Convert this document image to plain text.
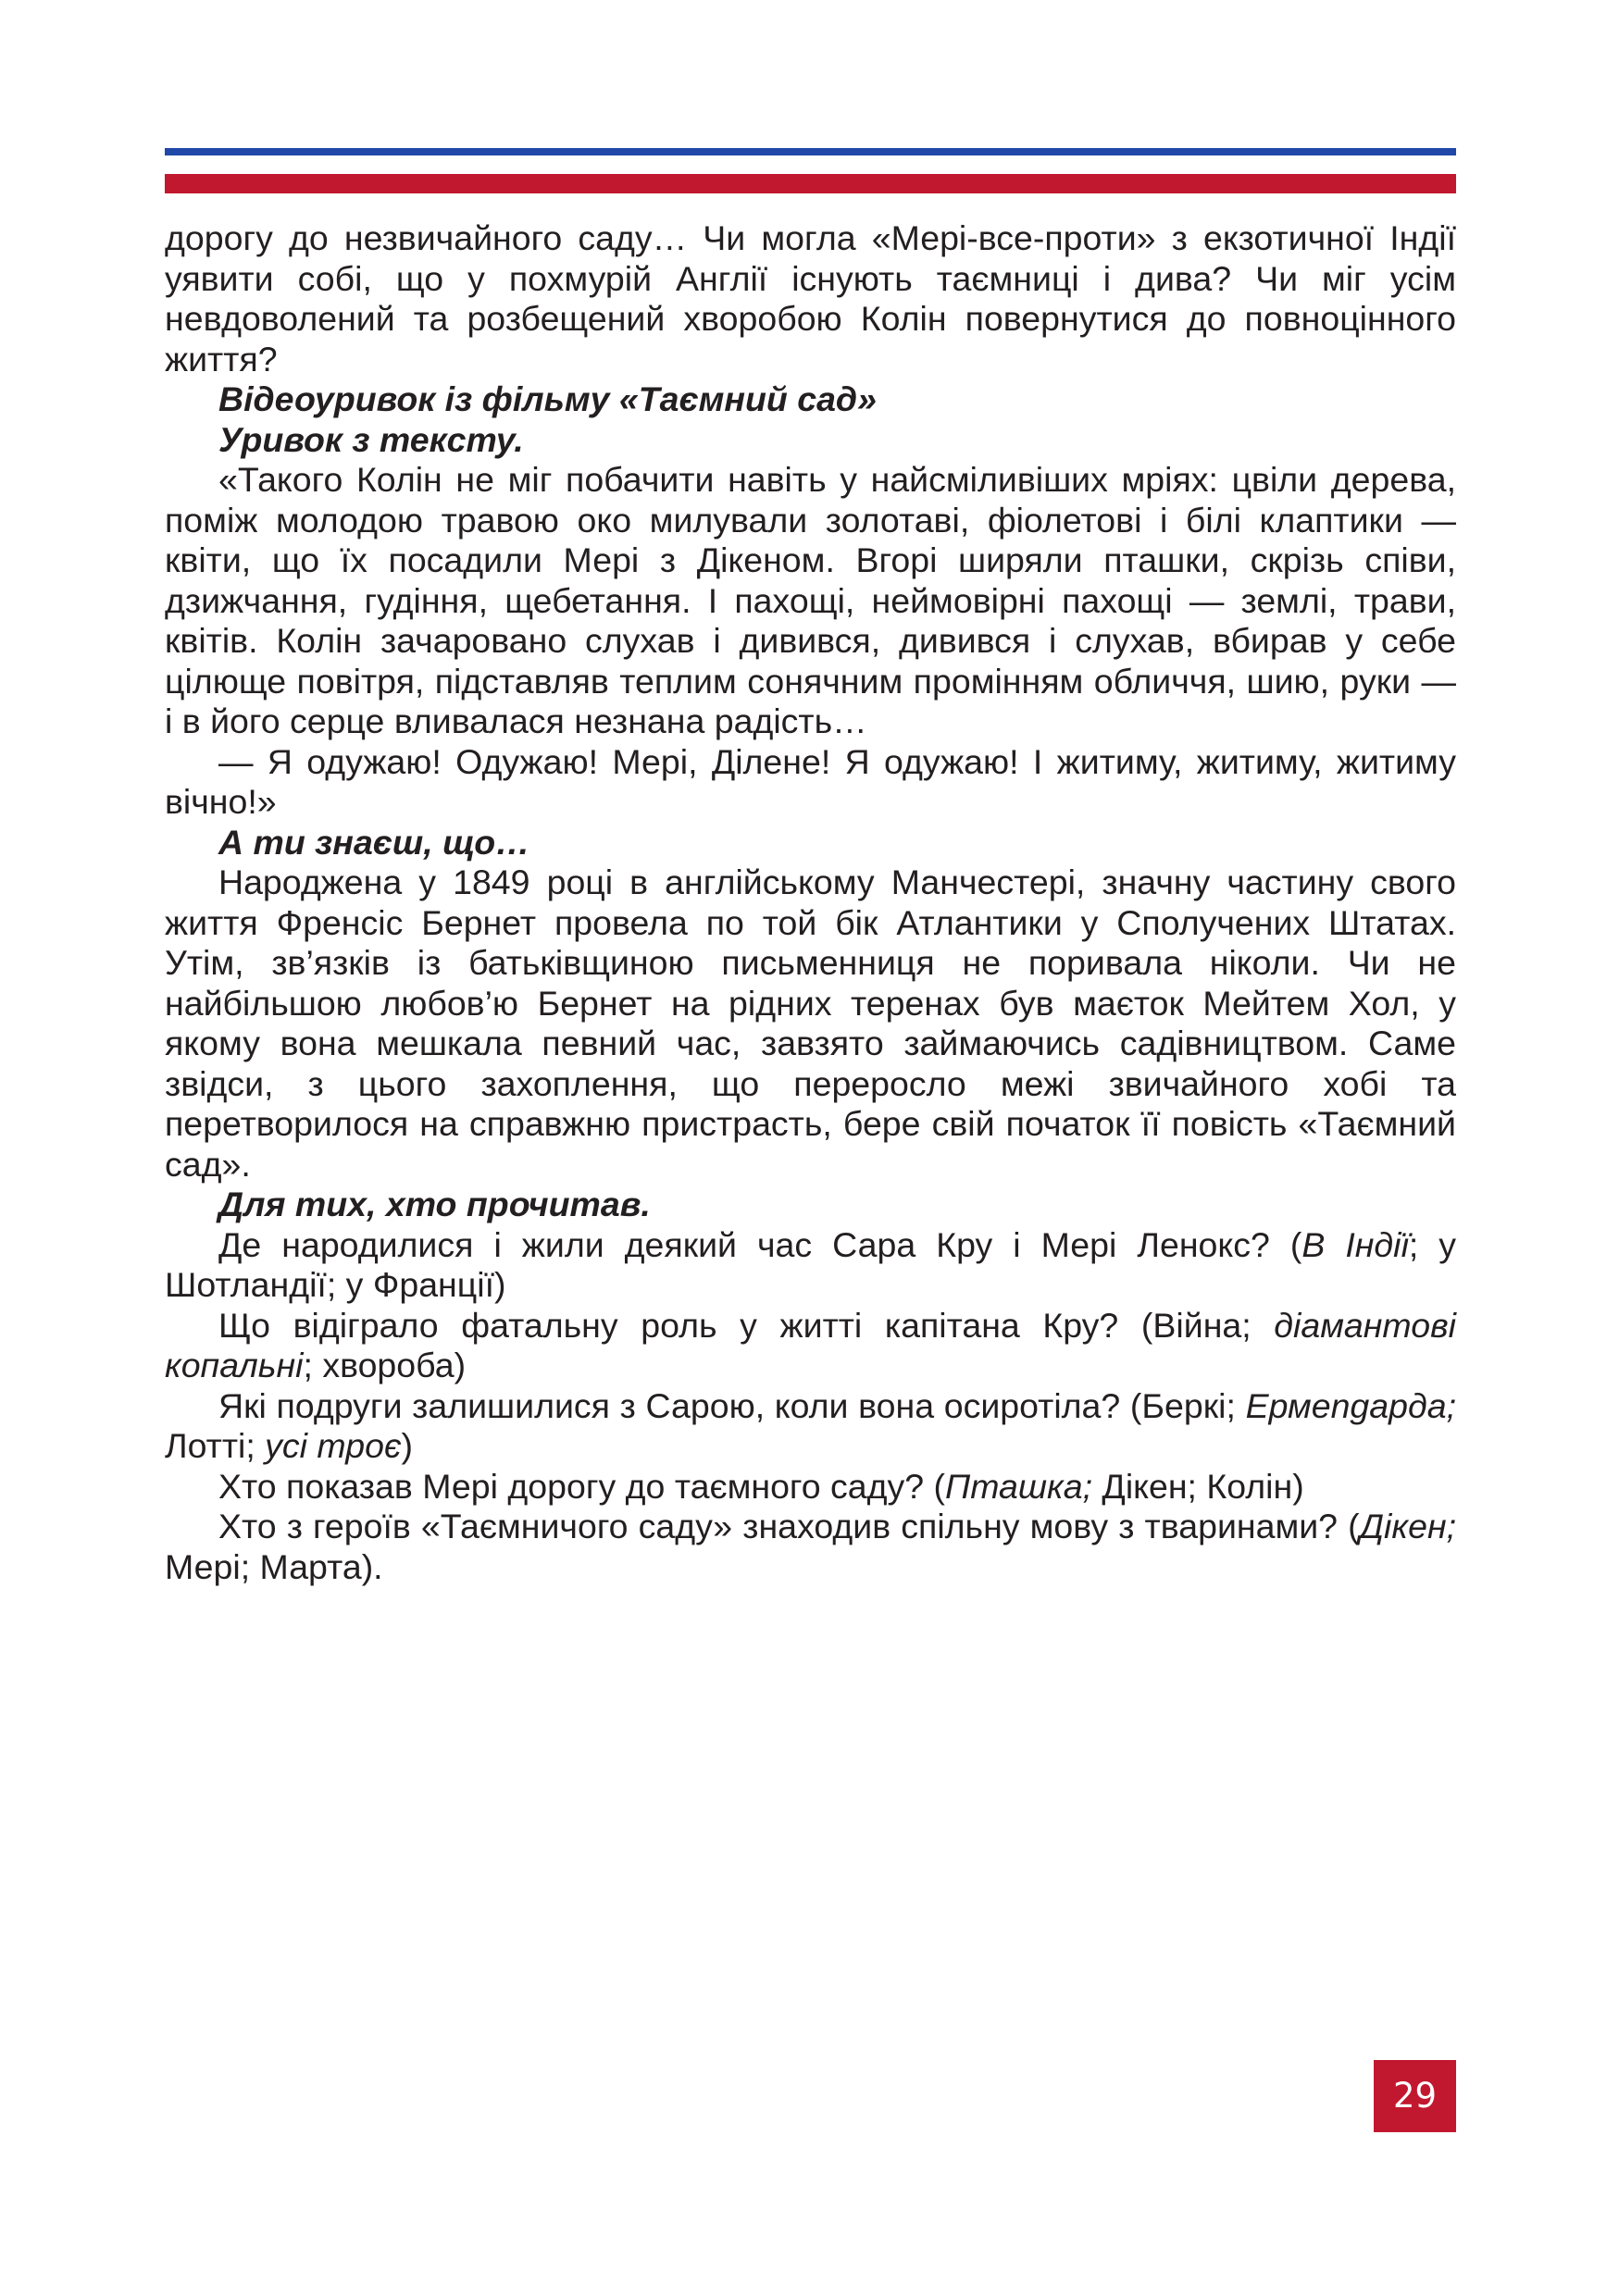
дорогу до незвичайного саду… Чи могла «Мері-все-проти» з екзотичної Індії уявити собі, що у похмурій Англії існують таємниці і дива? Чи міг усім невдоволений та розбещений хворобою Колін повернутися до повноцінного життя?

Відеоуривок із фільму «Таємний сад»

Уривок з тексту.

«Такого Колін не міг побачити навіть у найсміливіших мріях: цвіли дерева, поміж молодою травою око милували золотаві, фіолетові і білі клаптики — квіти, що їх посадили Мері з Дікеном. Вгорі ширяли пташки, скрізь співи, дзижчання, гудіння, щебетання. І пахощі, неймовірні пахощі — землі, трави, квітів. Колін зачаровано слухав і дивився, дивився і слухав, вбирав у себе цілюще повітря, підставляв теплим сонячним промінням обличчя, шию, руки — і в його серце вливалася незнана радість…

— Я одужаю! Одужаю! Мері, Ділене! Я одужаю! І житиму, житиму, житиму вічно!»

А ти знаєш, що…

Народжена у 1849 році в англійському Манчестері, значну частину свого життя Френсіс Бернет провела по той бік Атлантики у Сполучених Штатах. Утім, зв’язків із батьківщиною письменниця не поривала ніколи. Чи не найбільшою любов’ю Бернет на рідних теренах був маєток Мейтем Хол, у якому вона мешкала певний час, завзято займаючись садівництвом. Саме звідси, з цього захоплення, що переросло межі звичайного хобі та перетворилося на справжню пристрасть, бере свій початок її повість «Таємний сад».

Для тих, хто прочитав.

Де народилися і жили деякий час Сара Кру і Мері Ленокс? (В Індії; у Шотландії; у Франції)

Що відіграло фатальну роль у житті капітана Кру? (Війна; діамантові копальні; хвороба)

Які подруги залишилися з Сарою, коли вона осиротіла? (Беркі; Ермengарда; Лотті; усі троє)

Хто показав Мері дорогу до таємного саду? (Пташка; Дікен; Колін)

Хто з героїв «Таємничого саду» знаходив спільну мову з тваринами? (Дікен; Мері; Марта).

29
